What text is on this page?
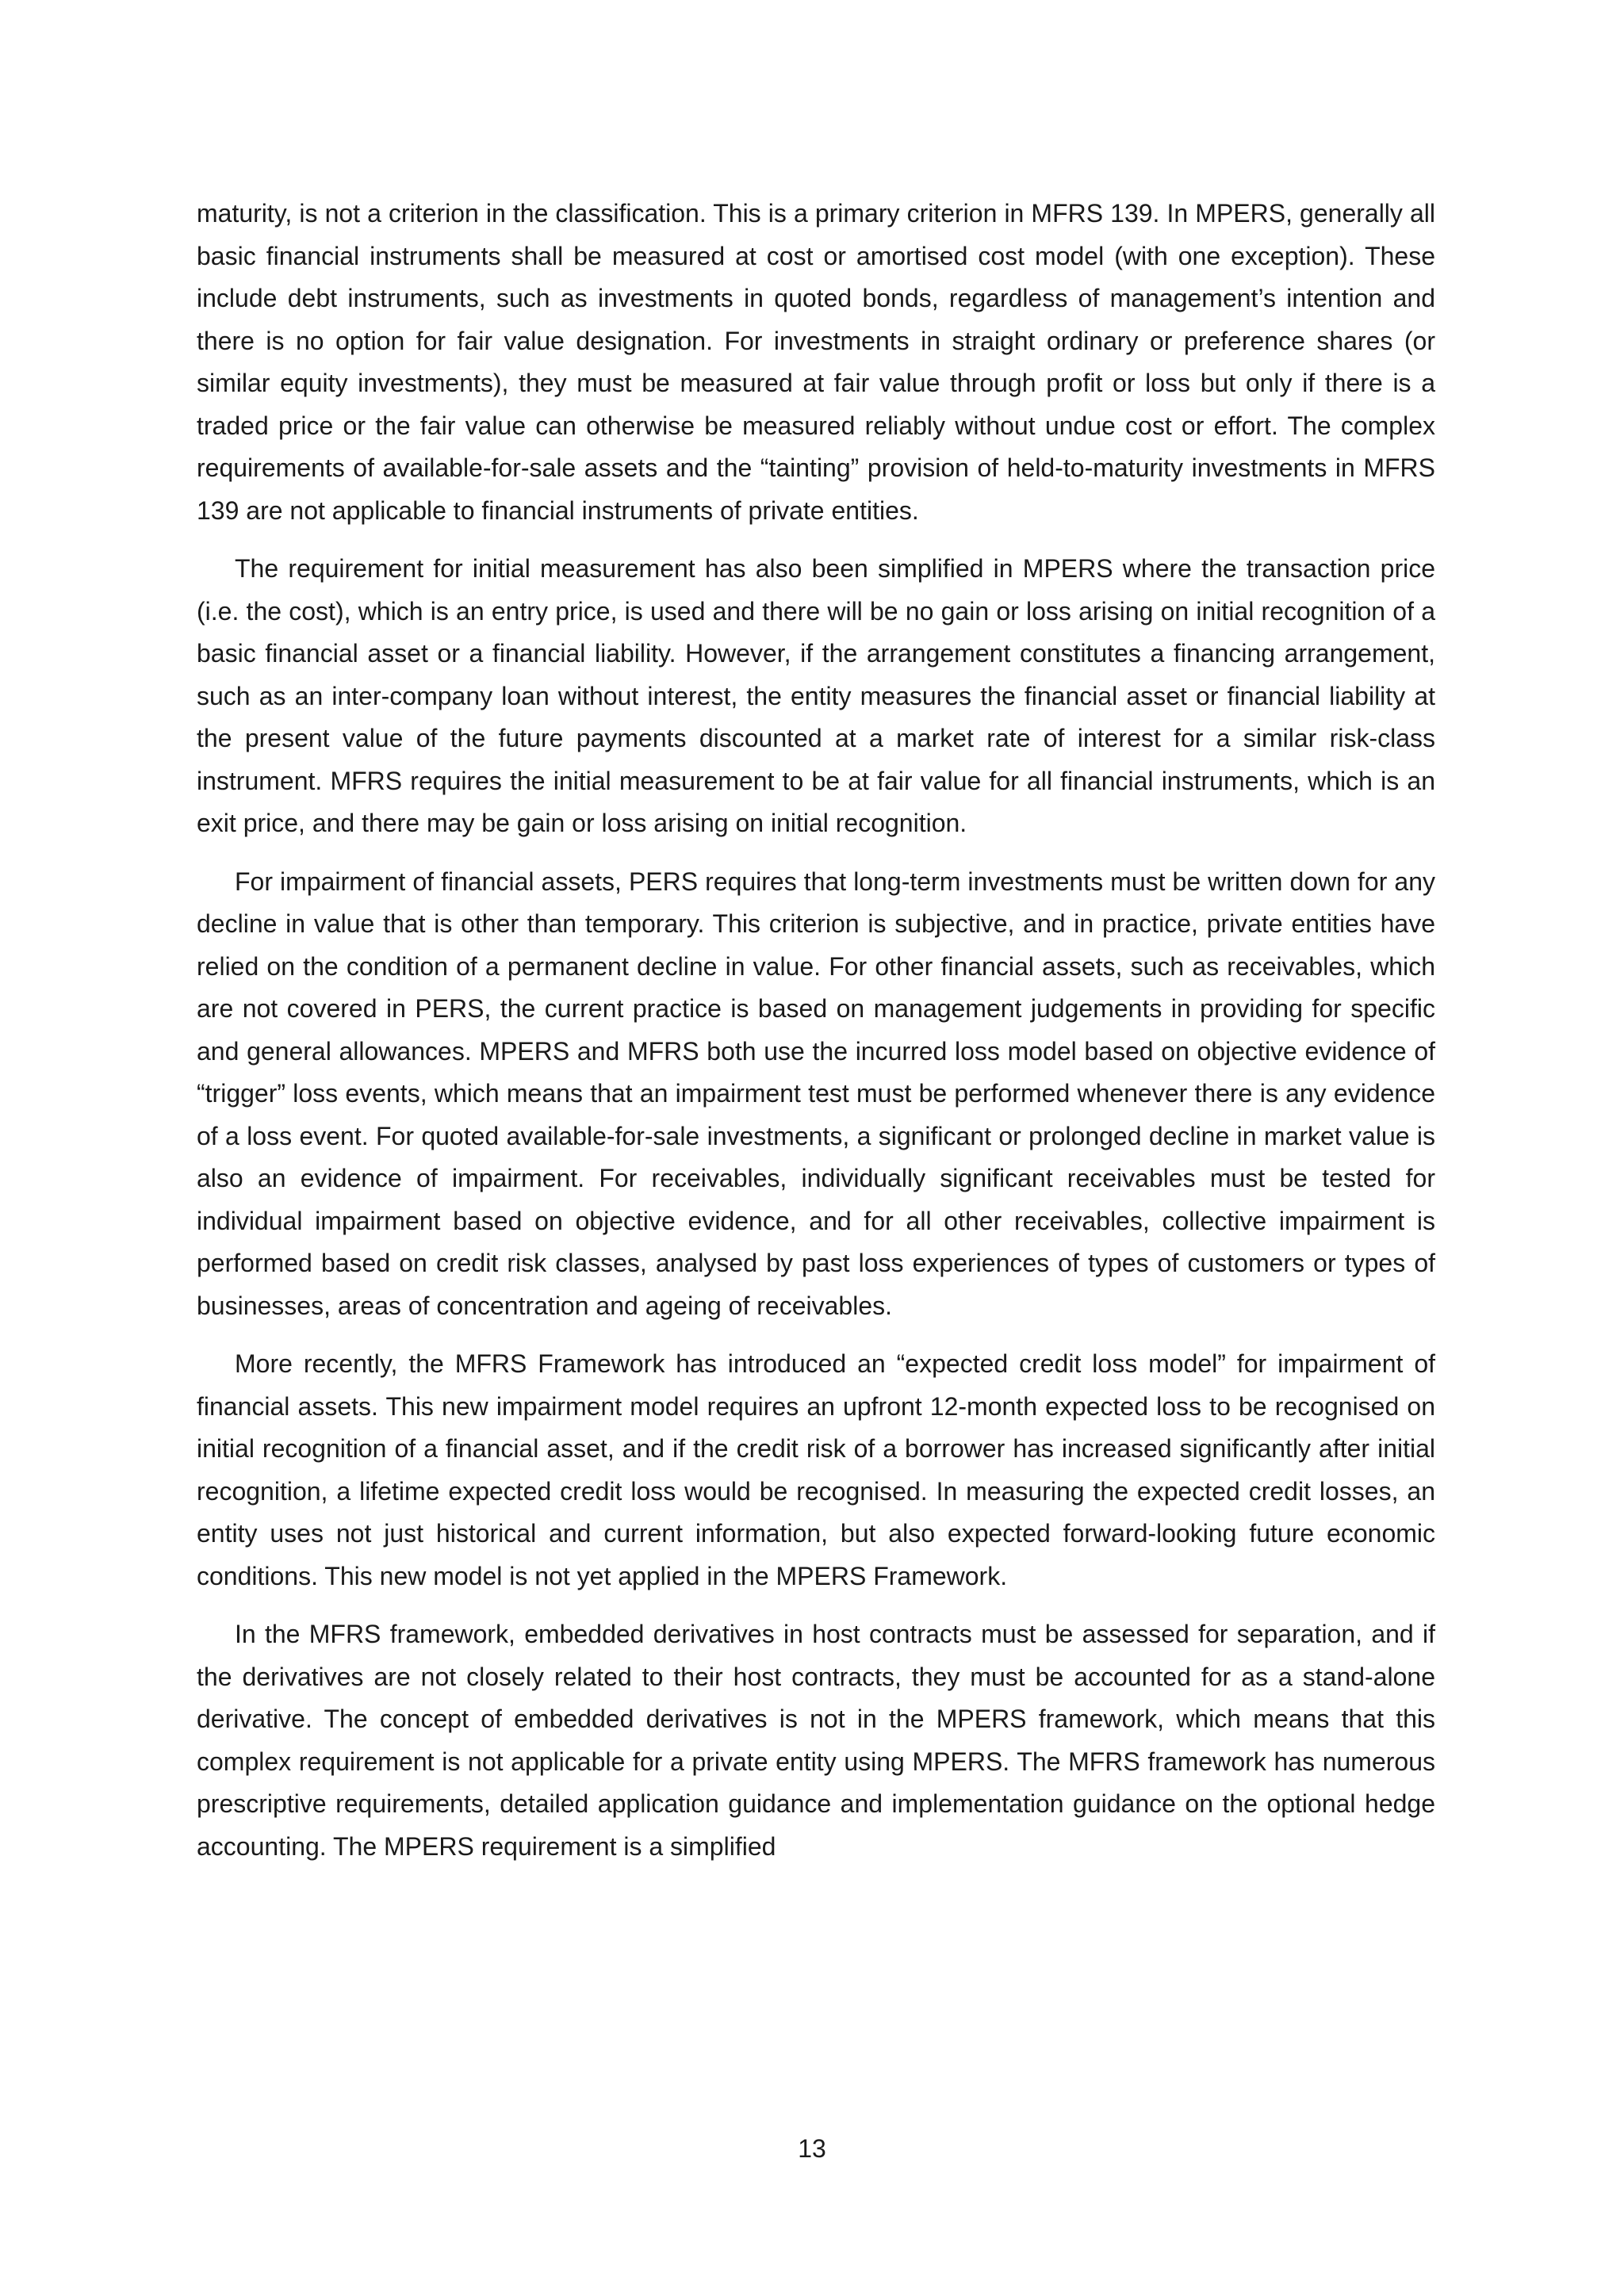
maturity, is not a criterion in the classification. This is a primary criterion in MFRS 139. In MPERS, generally all basic financial instruments shall be measured at cost or amortised cost model (with one exception). These include debt instruments, such as investments in quoted bonds, regardless of management’s intention and there is no option for fair value designation. For investments in straight ordinary or preference shares (or similar equity investments), they must be measured at fair value through profit or loss but only if there is a traded price or the fair value can otherwise be measured reliably without undue cost or effort. The complex requirements of available-for-sale assets and the “tainting” provision of held-to-maturity investments in MFRS 139 are not applicable to financial instruments of private entities.

The requirement for initial measurement has also been simplified in MPERS where the transaction price (i.e. the cost), which is an entry price, is used and there will be no gain or loss arising on initial recognition of a basic financial asset or a financial liability. However, if the arrangement constitutes a financing arrangement, such as an inter-company loan without interest, the entity measures the financial asset or financial liability at the present value of the future payments discounted at a market rate of interest for a similar risk-class instrument. MFRS requires the initial measurement to be at fair value for all financial instruments, which is an exit price, and there may be gain or loss arising on initial recognition.

For impairment of financial assets, PERS requires that long-term investments must be written down for any decline in value that is other than temporary. This criterion is subjective, and in practice, private entities have relied on the condition of a permanent decline in value. For other financial assets, such as receivables, which are not covered in PERS, the current practice is based on management judgements in providing for specific and general allowances. MPERS and MFRS both use the incurred loss model based on objective evidence of “trigger” loss events, which means that an impairment test must be performed whenever there is any evidence of a loss event. For quoted available-for-sale investments, a significant or prolonged decline in market value is also an evidence of impairment. For receivables, individually significant receivables must be tested for individual impairment based on objective evidence, and for all other receivables, collective impairment is performed based on credit risk classes, analysed by past loss experiences of types of customers or types of businesses, areas of concentration and ageing of receivables.

More recently, the MFRS Framework has introduced an “expected credit loss model” for impairment of financial assets. This new impairment model requires an upfront 12-month expected loss to be recognised on initial recognition of a financial asset, and if the credit risk of a borrower has increased significantly after initial recognition, a lifetime expected credit loss would be recognised. In measuring the expected credit losses, an entity uses not just historical and current information, but also expected forward-looking future economic conditions. This new model is not yet applied in the MPERS Framework.

In the MFRS framework, embedded derivatives in host contracts must be assessed for separation, and if the derivatives are not closely related to their host contracts, they must be accounted for as a stand-alone derivative. The concept of embedded derivatives is not in the MPERS framework, which means that this complex requirement is not applicable for a private entity using MPERS. The MFRS framework has numerous prescriptive requirements, detailed application guidance and implementation guidance on the optional hedge accounting. The MPERS requirement is a simplified

13
